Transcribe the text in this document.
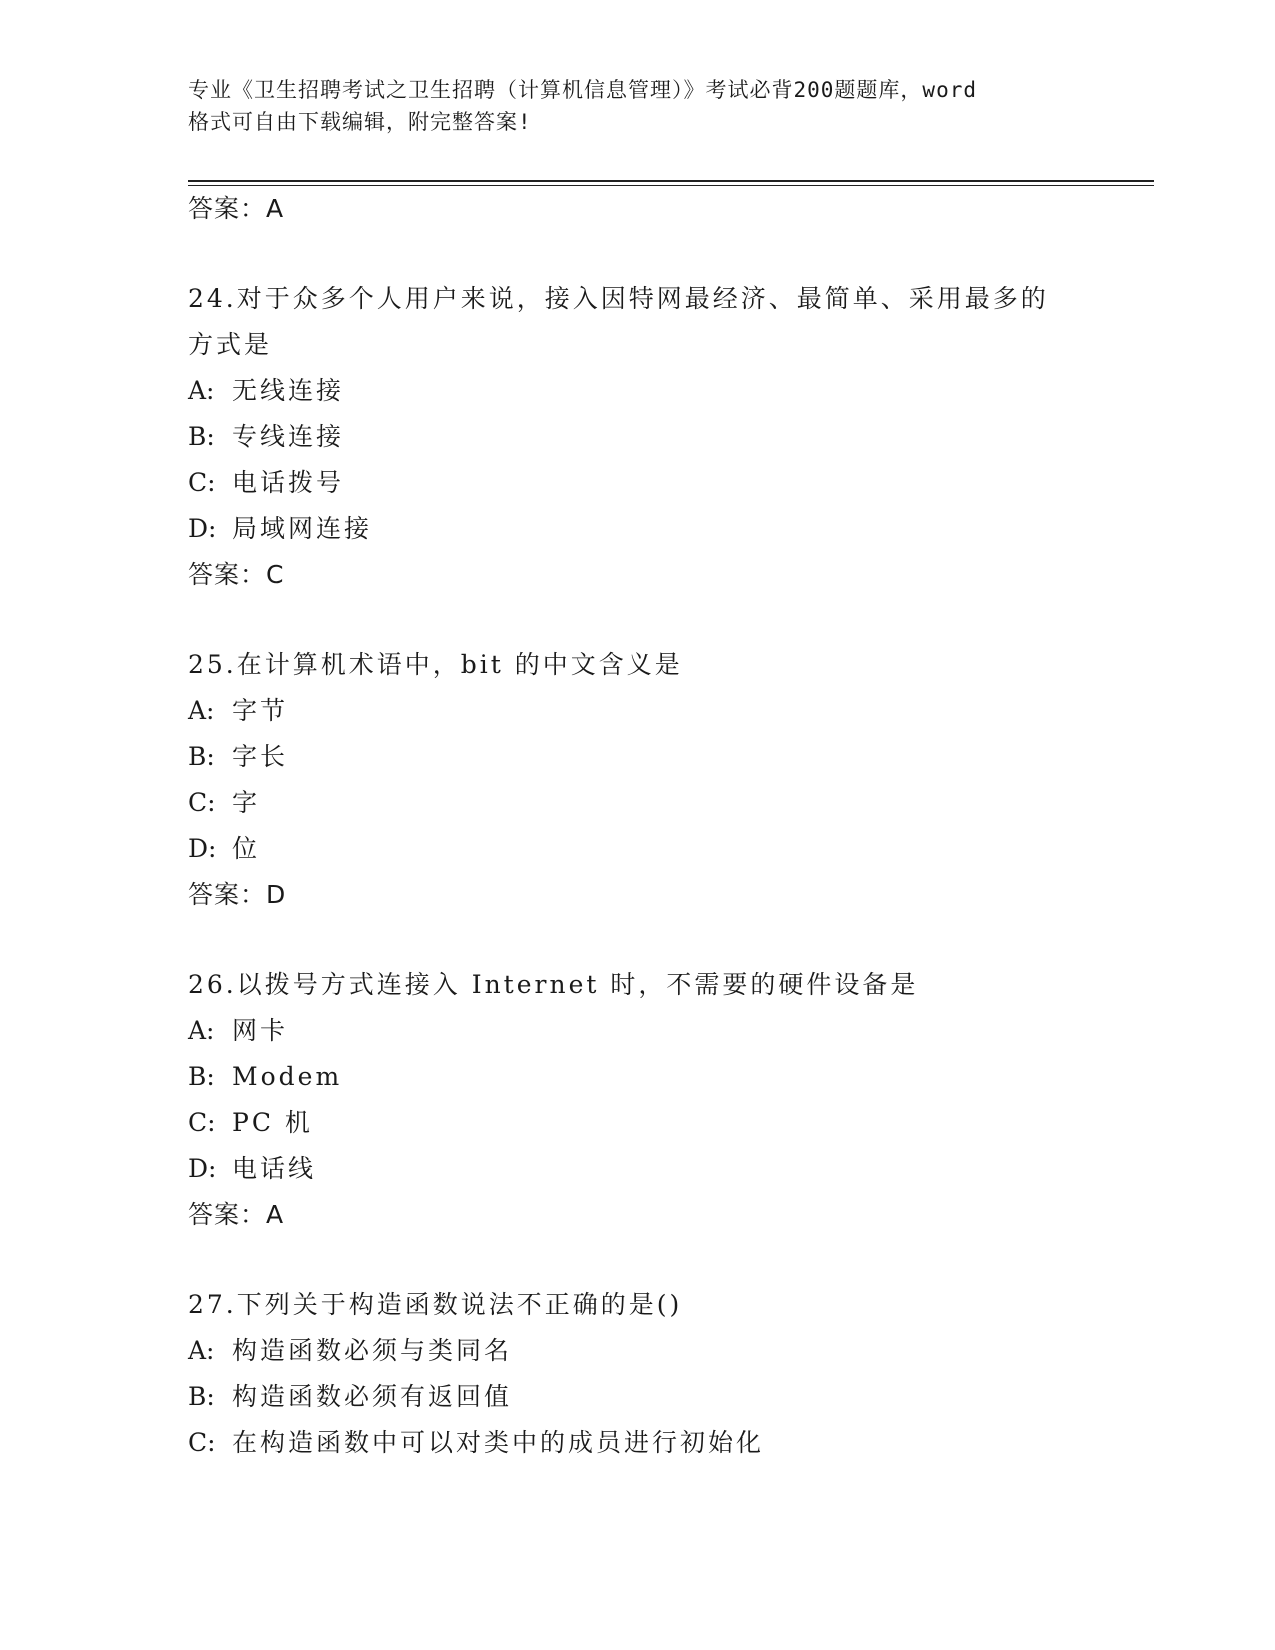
专业《卫生招聘考试之卫生招聘（计算机信息管理）》考试必背200题题库，word
格式可自由下载编辑，附完整答案!
答案：A
24.对于众多个人用户来说，接入因特网最经济、最简单、采用最多的
方式是
A: 无线连接
B: 专线连接
C: 电话拨号
D: 局域网连接
答案：C
25.在计算机术语中，bit 的中文含义是
A: 字节
B: 字长
C: 字
D: 位
答案：D
26.以拨号方式连接入 Internet 时，不需要的硬件设备是
A: 网卡
B: Modem
C: PC 机
D: 电话线
答案：A
27.下列关于构造函数说法不正确的是()
A: 构造函数必须与类同名
B: 构造函数必须有返回值
C: 在构造函数中可以对类中的成员进行初始化
